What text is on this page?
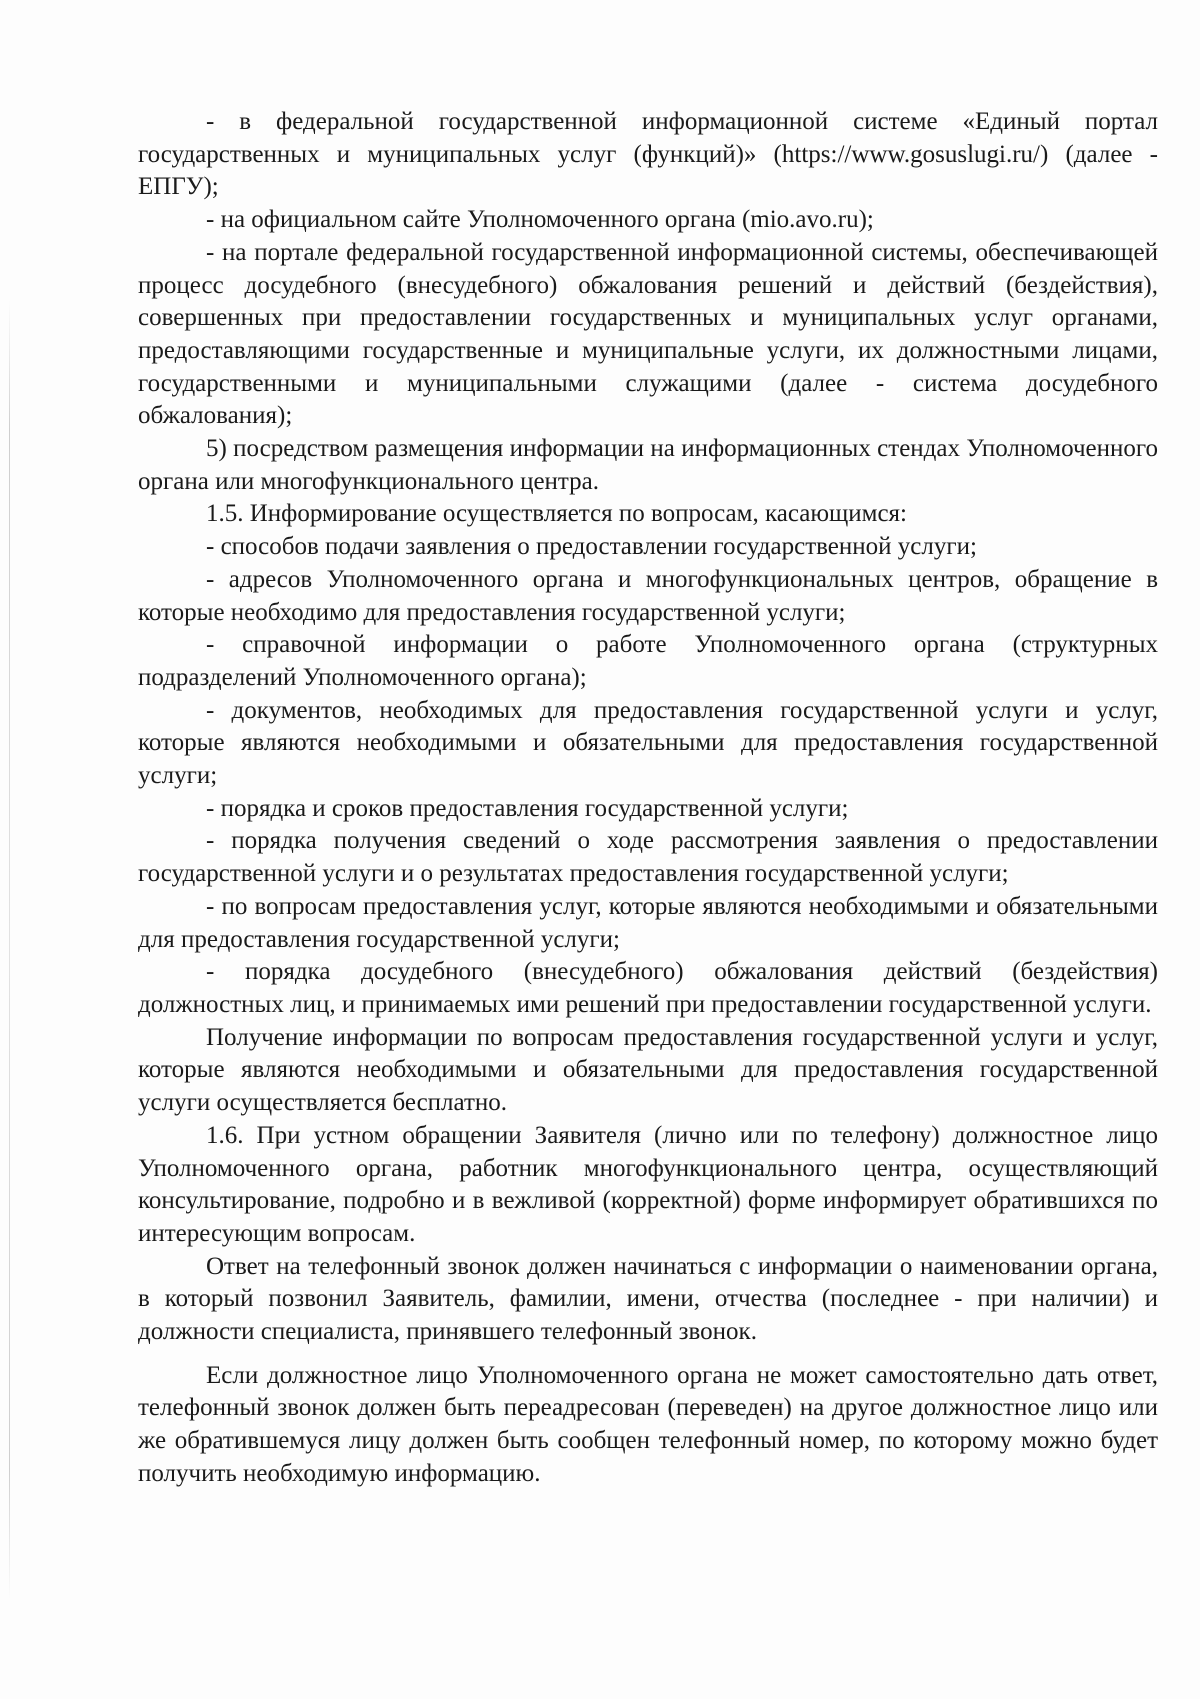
- в федеральной государственной информационной системе «Единый портал государственных и муниципальных услуг (функций)» (https://www.gosuslugi.ru/) (далее - ЕПГУ);

- на официальном сайте Уполномоченного органа (mio.avo.ru);

- на портале федеральной государственной информационной системы, обеспечивающей процесс досудебного (внесудебного) обжалования решений и действий (бездействия), совершенных при предоставлении государственных и муниципальных услуг органами, предоставляющими государственные и муниципальные услуги, их должностными лицами, государственными и муниципальными служащими (далее - система досудебного обжалования);

5) посредством размещения информации на информационных стендах Уполномоченного органа или многофункционального центра.

1.5. Информирование осуществляется по вопросам, касающимся:

- способов подачи заявления о предоставлении государственной услуги;

- адресов Уполномоченного органа и многофункциональных центров, обращение в которые необходимо для предоставления государственной услуги;

- справочной информации о работе Уполномоченного органа (структурных подразделений Уполномоченного органа);

- документов, необходимых для предоставления государственной услуги и услуг, которые являются необходимыми и обязательными для предоставления государственной услуги;

- порядка и сроков предоставления государственной услуги;

- порядка получения сведений о ходе рассмотрения заявления о предоставлении государственной услуги и о результатах предоставления государственной услуги;

- по вопросам предоставления услуг, которые являются необходимыми и обязательными для предоставления государственной услуги;

- порядка досудебного (внесудебного) обжалования действий (бездействия) должностных лиц, и принимаемых ими решений при предоставлении государственной услуги.

Получение информации по вопросам предоставления государственной услуги и услуг, которые являются необходимыми и обязательными для предоставления государственной услуги осуществляется бесплатно.

1.6. При устном обращении Заявителя (лично или по телефону) должностное лицо Уполномоченного органа, работник многофункционального центра, осуществляющий консультирование, подробно и в вежливой (корректной) форме информирует обратившихся по интересующим вопросам.

Ответ на телефонный звонок должен начинаться с информации о наименовании органа, в который позвонил Заявитель, фамилии, имени, отчества (последнее - при наличии) и должности специалиста, принявшего телефонный звонок.

Если должностное лицо Уполномоченного органа не может самостоятельно дать ответ, телефонный звонок должен быть переадресован (переведен) на другое должностное лицо или же обратившемуся лицу должен быть сообщен телефонный номер, по которому можно будет получить необходимую информацию.
